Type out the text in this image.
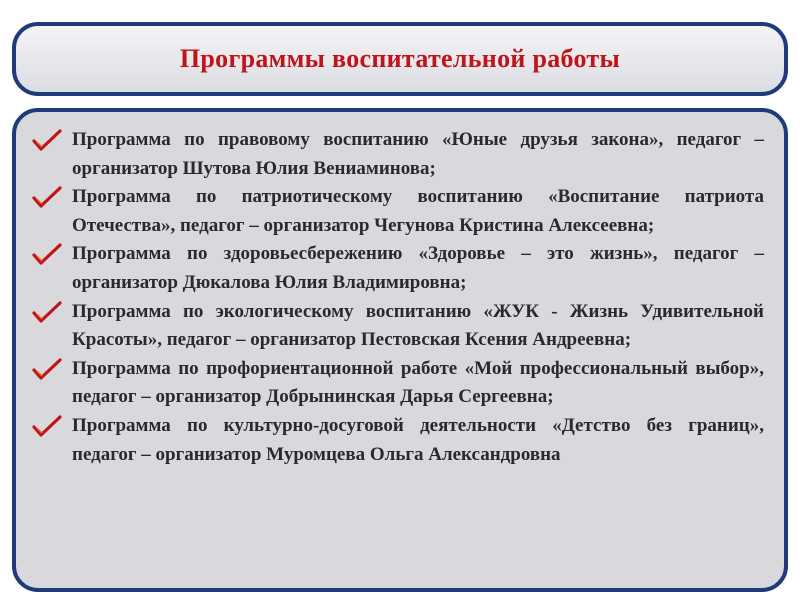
Программы воспитательной работы
Программа по правовому воспитанию «Юные друзья закона», педагог – организатор Шутова Юлия Вениаминова;
Программа по патриотическому воспитанию «Воспитание патриота Отечества», педагог – организатор Чегунова Кристина Алексеевна;
Программа по здоровьесбережению «Здоровье – это жизнь», педагог – организатор Дюкалова Юлия Владимировна;
Программа по экологическому воспитанию «ЖУК - Жизнь Удивительной Красоты», педагог – организатор Пестовская Ксения Андреевна;
Программа по профориентационной работе «Мой профессиональный выбор», педагог – организатор Добрынинская Дарья Сергеевна;
Программа по культурно-досуговой деятельности «Детство без границ», педагог – организатор Муромцева Ольга Александровна
